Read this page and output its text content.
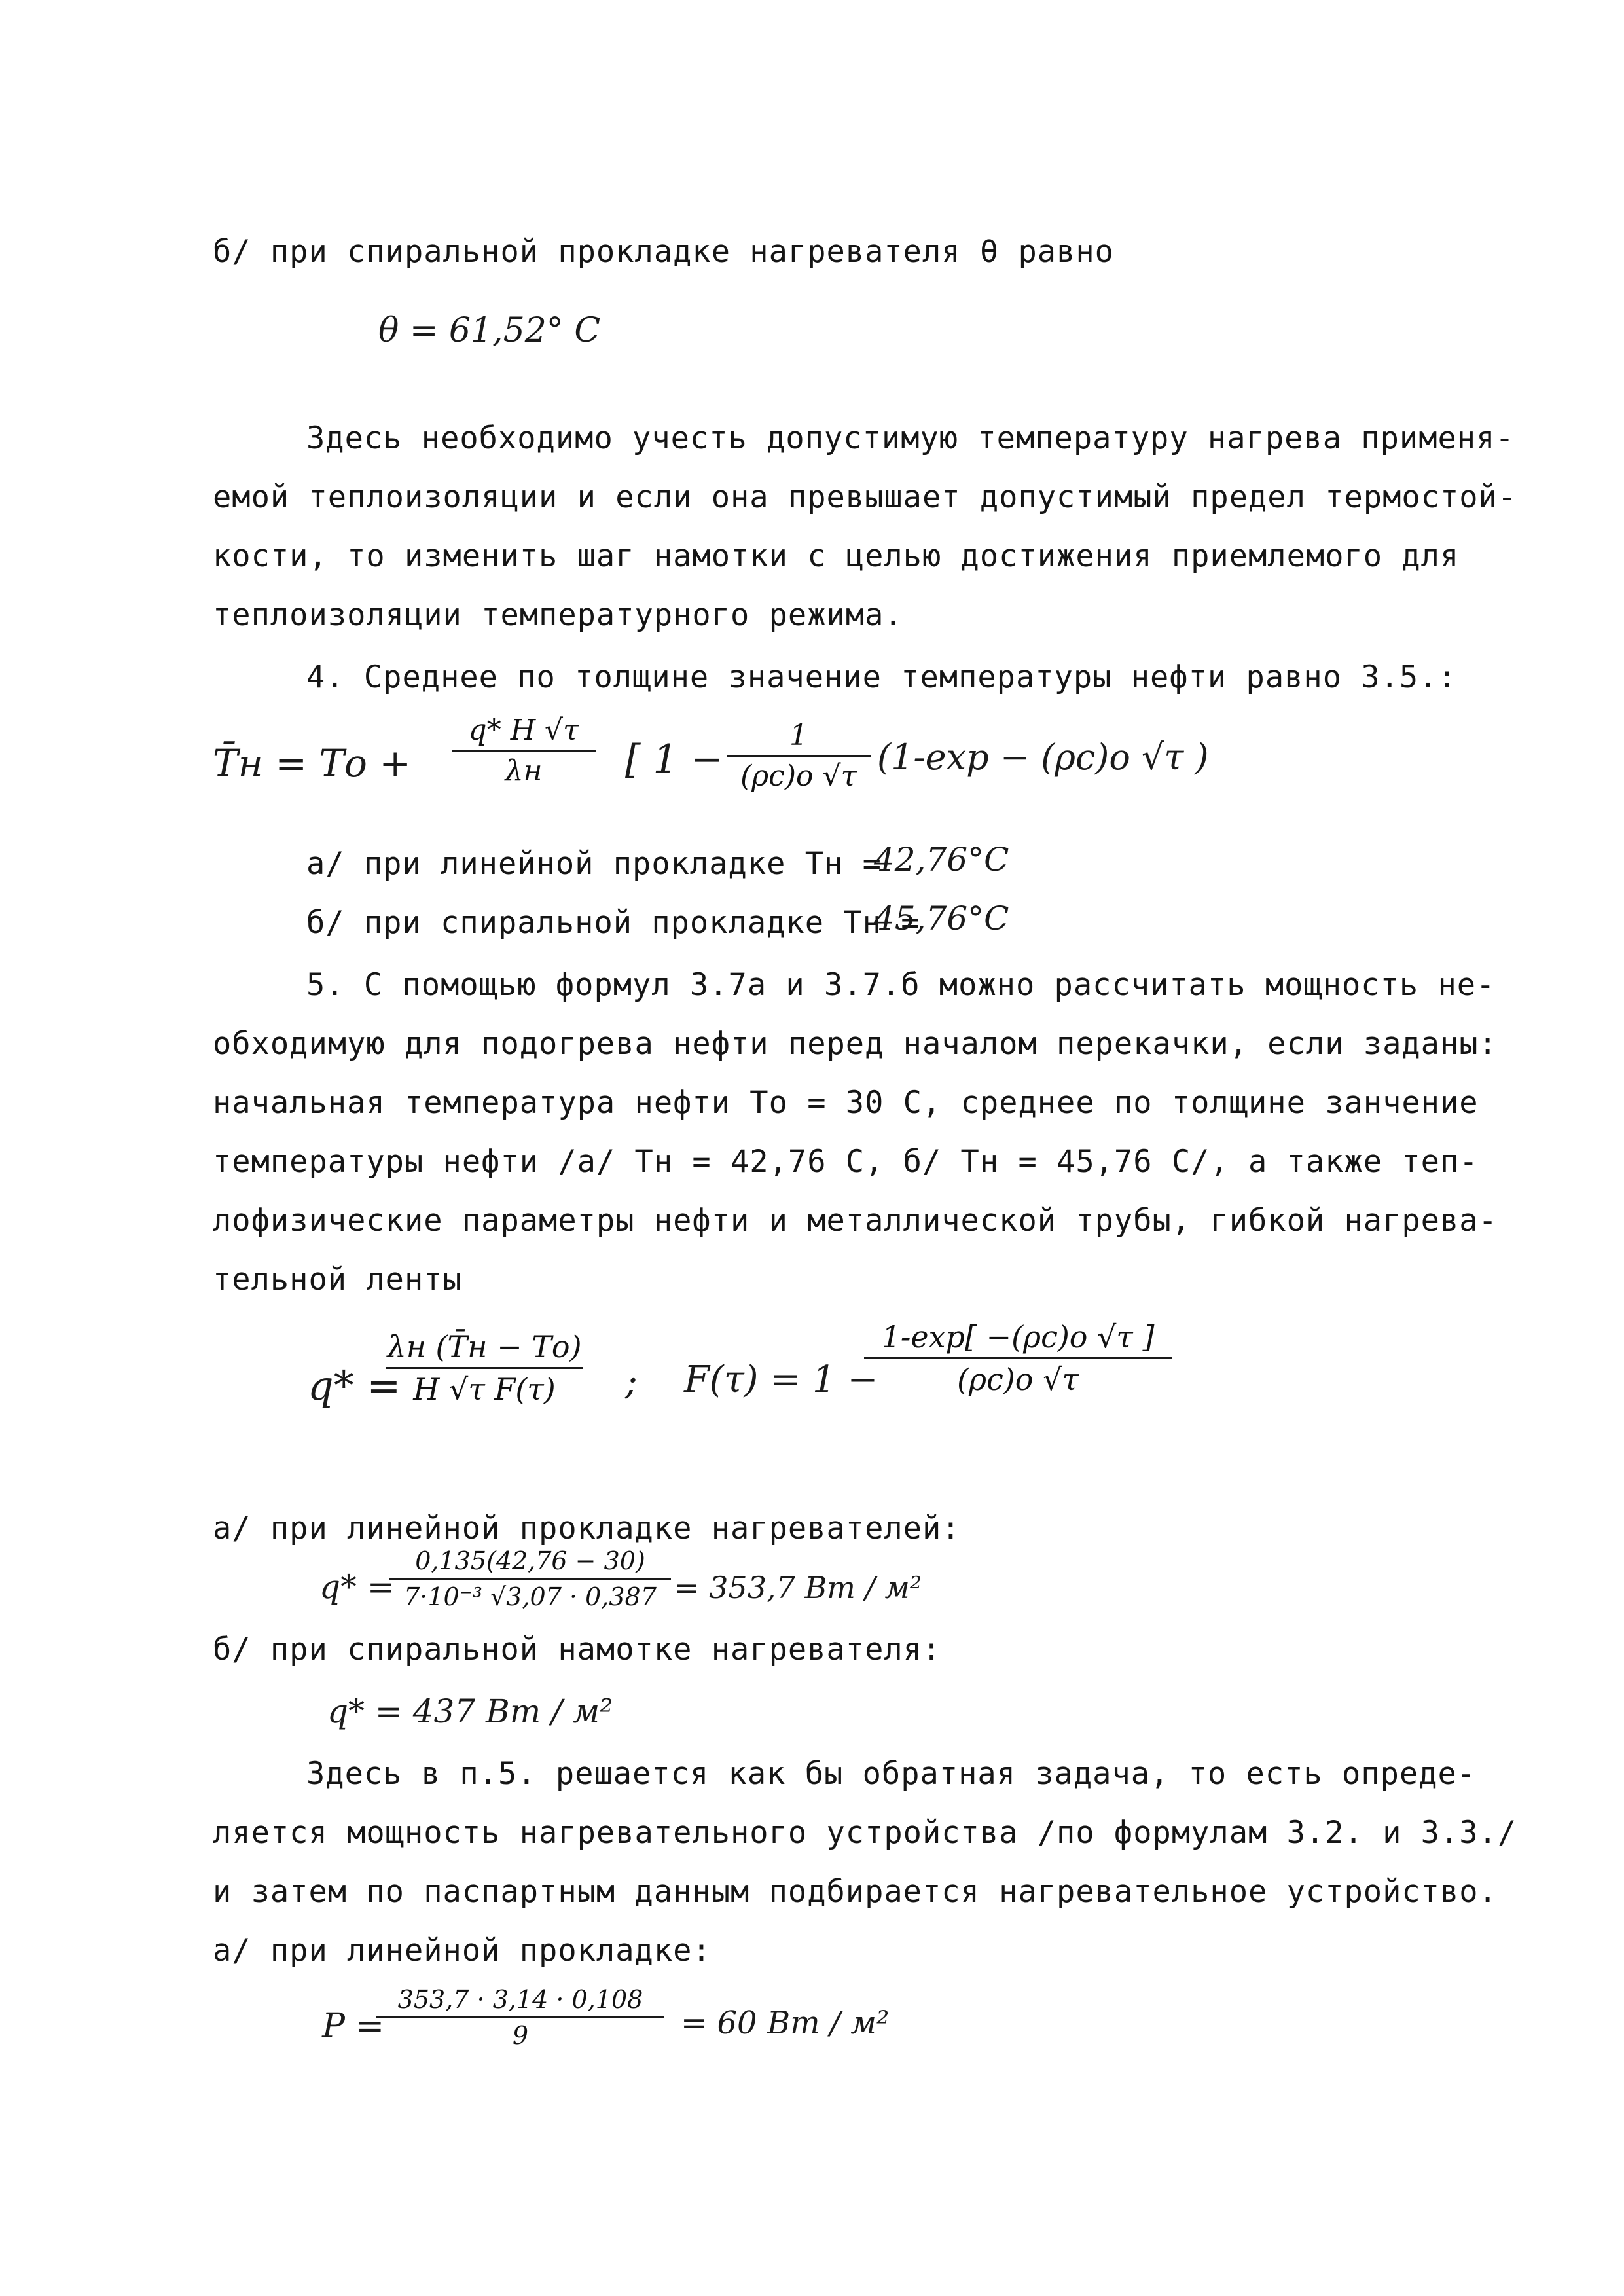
б/ при спиральной прокладке нагревателя θ равно
θ = 61,52° C
Здесь необходимо учесть допустимую температуру нагрева применя-
емой теплоизоляции и если она превышает допустимый предел термостой-
кости, то изменить шаг намотки с целью достижения приемлемого для
теплоизоляции температурного режима.
4. Среднее по толщине значение температуры нефти равно 3.5.:
T̄н = Tо +
q* H √τ
λн	[ 1 −
1
(ρc)о √τ (1-exp − (ρc)о √τ )
а/ при линейной прокладке Тн =
42,76°C
б/ при спиральной прокладке Тн =
45,76°C
5. С помощью формул 3.7а и 3.7.б можно рассчитать мощность не-
обходимую для подогрева нефти перед началом перекачки, если заданы:
начальная температура нефти То = 30 С, среднее по толщине занчение
температуры нефти /а/ Тн = 42,76 С, б/ Тн = 45,76 С/, а также теп-
лофизические параметры нефти и металлической трубы, гибкой нагрева-
тельной ленты
q* =
λн (T̄н − Tо)
H √τ F(τ)	; F(τ) = 1 −
1-exp[ −(ρc)о √τ ]
(ρc)о √τ
а/ при линейной прокладке нагревателей:
q* =
0,135(42,76 − 30)
7·10⁻³ √3,07 · 0,387 = 353,7 Вт / м²
б/ при спиральной намотке нагревателя:
q* = 437 Вт / м²
Здесь в п.5. решается как бы обратная задача, то есть опреде-
ляется мощность нагревательного устройства /по формулам 3.2. и 3.3./
и затем по паспартным данным подбирается нагревательное устройство.
а/ при линейной прокладке:
P =
353,7 · 3,14 · 0,108
9	= 60 Вт / м²
